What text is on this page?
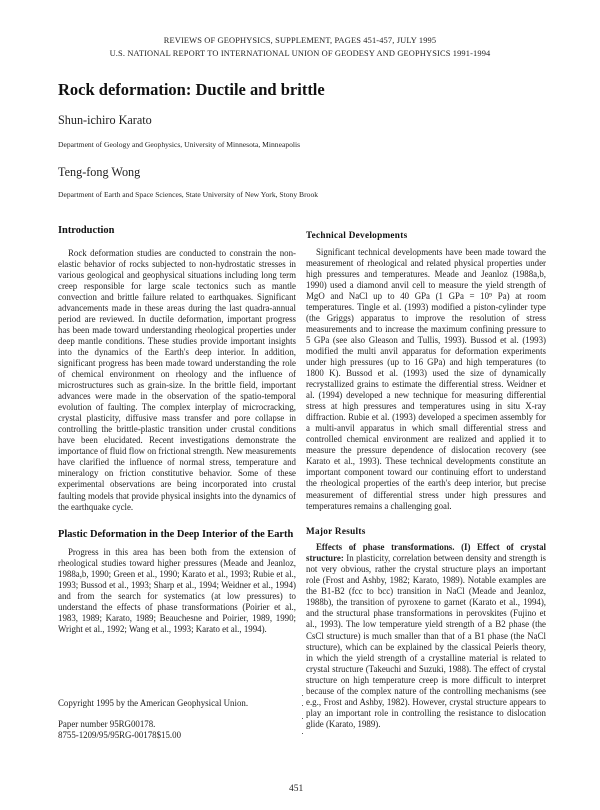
REVIEWS OF GEOPHYSICS, SUPPLEMENT, PAGES 451-457, JULY 1995
U.S. NATIONAL REPORT TO INTERNATIONAL UNION OF GEODESY AND GEOPHYSICS 1991-1994
Rock deformation: Ductile and brittle
Shun-ichiro Karato
Department of Geology and Geophysics, University of Minnesota, Minneapolis
Teng-fong Wong
Department of Earth and Space Sciences, State University of New York, Stony Brook
Introduction

Rock deformation studies are conducted to constrain the non-elastic behavior of rocks subjected to non-hydrostatic stresses in various geological and geophysical situations including long term creep responsible for large scale tectonics such as mantle convection and brittle failure related to earthquakes. Significant advancements made in these areas during the last quadra-annual period are reviewed. In ductile deformation, important progress has been made toward understanding rheological properties under deep mantle conditions. These studies provide important insights into the dynamics of the Earth's deep interior. In addition, significant progress has been made toward understanding the role of chemical environment on rheology and the influence of microstructures such as grain-size. In the brittle field, important advances were made in the observation of the spatio-temporal evolution of faulting. The complex interplay of microcracking, crystal plasticity, diffusive mass transfer and pore collapse in controlling the brittle-plastic transition under crustal conditions have been elucidated. Recent investigations demonstrate the importance of fluid flow on frictional strength. New measurements have clarified the influence of normal stress, temperature and mineralogy on friction constitutive behavior. Some of these experimental observations are being incorporated into crustal faulting models that provide physical insights into the dynamics of the earthquake cycle.

Plastic Deformation in the Deep Interior of the Earth

Progress in this area has been both from the extension of rheological studies toward higher pressures (Meade and Jeanloz, 1988a,b, 1990; Green et al., 1990; Karato et al., 1993; Rubie et al., 1993; Bussod et al., 1993; Sharp et al., 1994; Weidner et al., 1994) and from the search for systematics (at low pressures) to understand the effects of phase transformations (Poirier et al., 1983, 1989; Karato, 1989; Beauchesne and Poirier, 1989, 1990; Wright et al., 1992; Wang et al., 1993; Karato et al., 1994).

Copyright 1995 by the American Geophysical Union.
Paper number 95RG00178.
8755-1209/95/95RG-00178$15.00
Technical Developments

Significant technical developments have been made toward the measurement of rheological and related physical properties under high pressures and temperatures. Meade and Jeanloz (1988a,b, 1990) used a diamond anvil cell to measure the yield strength of MgO and NaCl up to 40 GPa (1 GPa = 10⁹ Pa) at room temperatures. Tingle et al. (1993) modified a piston-cylinder type (the Griggs) apparatus to improve the resolution of stress measurements and to increase the maximum confining pressure to 5 GPa (see also Gleason and Tullis, 1993). Bussod et al. (1993) modified the multi anvil apparatus for deformation experiments under high pressures (up to 16 GPa) and high temperatures (to 1800 K). Bussod et al. (1993) used the size of dynamically recrystallized grains to estimate the differential stress. Weidner et al. (1994) developed a new technique for measuring differential stress at high pressures and temperatures using in situ X-ray diffraction. Rubie et al. (1993) developed a specimen assembly for a multi-anvil apparatus in which small differential stress and controlled chemical environment are realized and applied it to measure the pressure dependence of dislocation recovery (see Karato et al., 1993). These technical developments constitute an important component toward our continuing effort to understand the rheological properties of the earth's deep interior, but precise measurement of differential stress under high pressures and temperatures remains a challenging goal.

Major Results

Effects of phase transformations. (I) Effect of crystal structure: In plasticity, correlation between density and strength is not very obvious, rather the crystal structure plays an important role (Frost and Ashby, 1982; Karato, 1989). Notable examples are the B1-B2 (fcc to bcc) transition in NaCl (Meade and Jeanloz, 1988b), the transition of pyroxene to garnet (Karato et al., 1994), and the structural phase transformations in perovskites (Fujino et al., 1993). The low temperature yield strength of a B2 phase (the CsCl structure) is much smaller than that of a B1 phase (the NaCl structure), which can be explained by the classical Peierls theory, in which the yield strength of a crystalline material is related to crystal structure (Takeuchi and Suzuki, 1988). The effect of crystal structure on high temperature creep is more difficult to interpret because of the complex nature of the controlling mechanisms (see e.g., Frost and Ashby, 1982). However, crystal structure appears to play an important role in controlling the resistance to dislocation glide (Karato, 1989).

451
